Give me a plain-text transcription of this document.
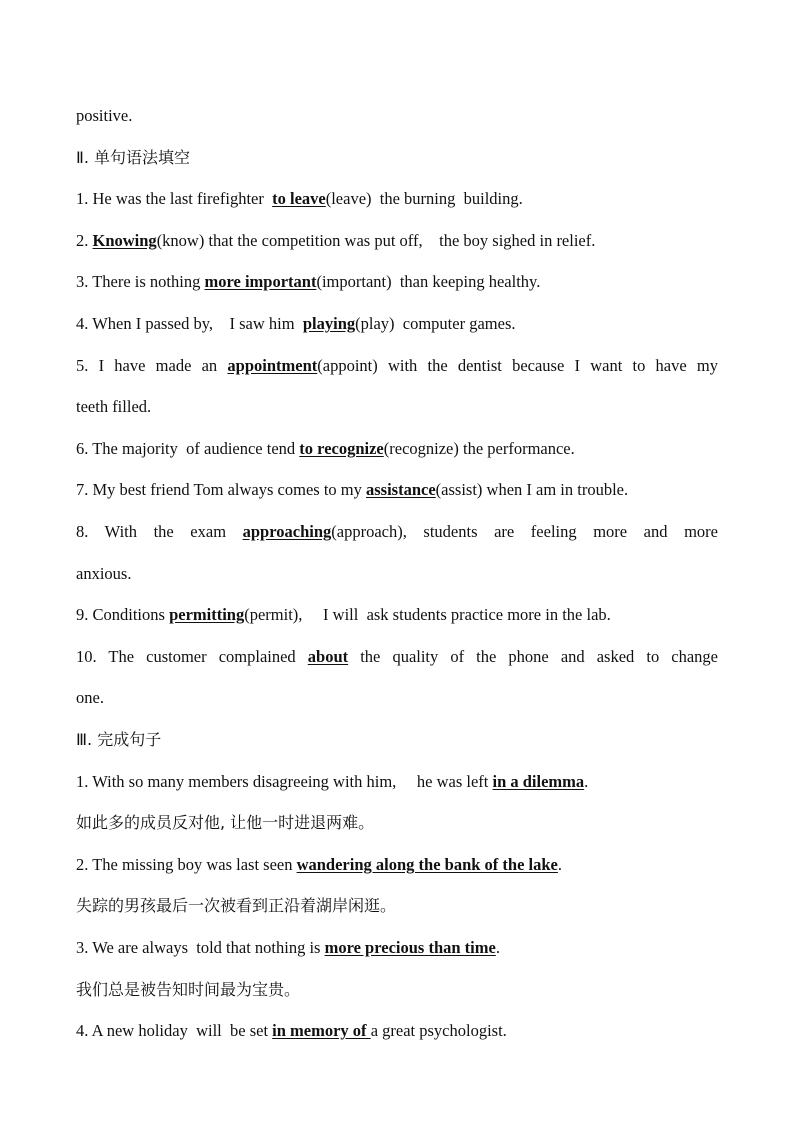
positive.
Ⅱ. 单句语法填空
1. He was the last firefighter  to leave(leave)  the burning  building.
2. Knowing(know) that the competition was put off,    the boy sighed in relief.
3. There is nothing more important(important)  than keeping healthy.
4. When I passed by,    I saw him  playing(play)  computer games.
5. I have made an appointment(appoint) with the dentist because I want to have my
teeth filled.
6. The majority  of audience tend to recognize(recognize) the performance.
7. My best friend Tom always comes to my assistance(assist) when I am in trouble.
8. With the exam approaching(approach), students are feeling more and more
anxious.
9. Conditions permitting(permit),     I will  ask students practice more in the lab.
10. The customer complained about the quality of the phone and asked to change
one.
Ⅲ. 完成句子
1. With so many members disagreeing with him,     he was left in a dilemma.
如此多的成员反对他, 让他一时进退两难。
2. The missing boy was last seen wandering along the bank of the lake.
失踪的男孩最后一次被看到正沿着湖岸闲逛。
3. We are always  told that nothing is more precious than time.
我们总是被告知时间最为宝贵。
4. A new holiday  will  be set in memory of a great psychologist.
